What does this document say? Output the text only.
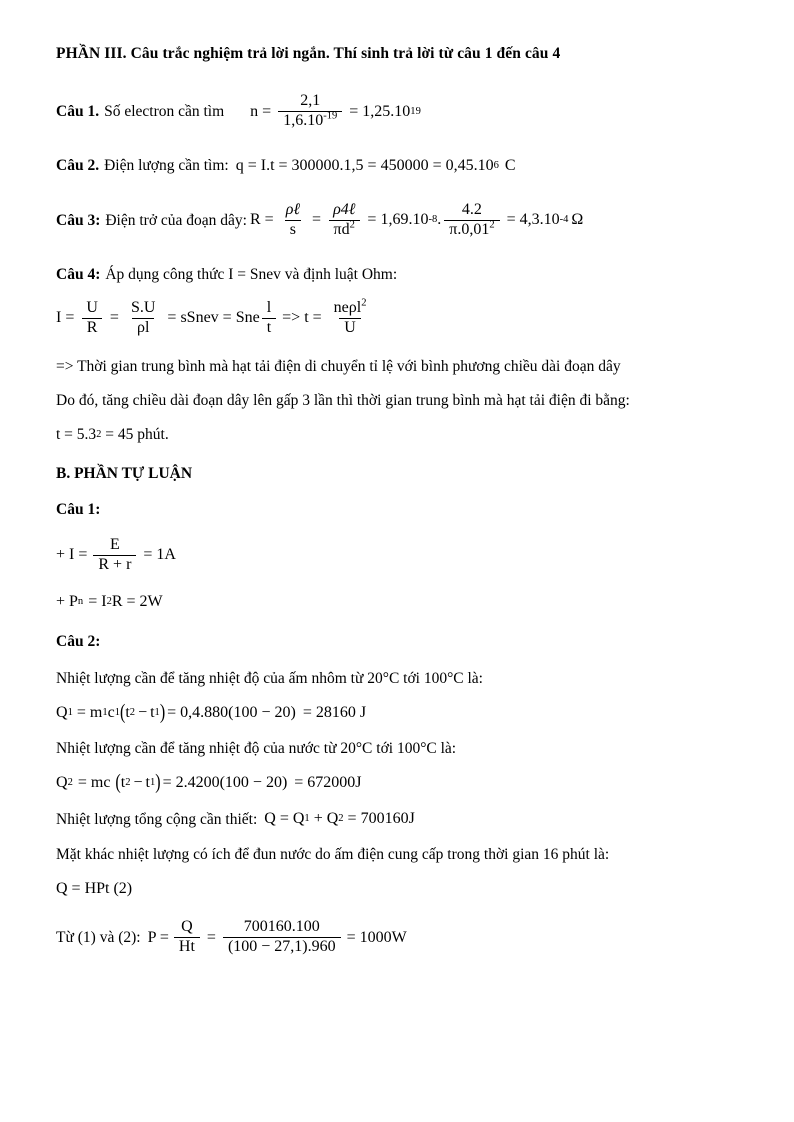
PHẦN III. Câu trắc nghiệm trả lời ngắn. Thí sinh trả lời từ câu 1 đến câu 4
Câu 1. Số electron cần tìm $n = \frac{2,1}{1,6.10^{-19}} = 1,25.10$ 19
Câu 2. Điện lượng cần tìm: q = I.t = 300000.1,5 = 450000 = 0,45.10 6 C
Câu 3: Điện trở của đoạn dây: $R = \frac{\text{ρℓ}}{s} = \frac{\text{ρ4ℓ}}{\pi d^2} = 1,69.10$ -8 . $\frac{4.2}{\pi.0,01^2} = 4,3.10$ -4 Ω
Câu 4: Áp dụng công thức I = Snev và định luật Ohm:
$I = \frac{U}{R} = \frac{S.U}{\rho l}$ = sSnev = Sne $\frac{l}{t} => t = \frac{ne\rho l^2}{U}$
=> Thời gian trung bình mà hạt tải điện di chuyển tỉ lệ với bình phương chiều dài đoạn dây
Do đó, tăng chiều dài đoạn dây lên gấp 3 lần thì thời gian trung bình mà hạt tải điện đi bằng:
t = 5.3 2 = 45 phút.
B. PHẦN TỰ LUẬN
Câu 1:
+ $I = \frac{E}{R + r} = 1A$
+ P n = I 2 R = 2W
Câu 2:
Nhiệt lượng cần để tăng nhiệt độ của ấm nhôm từ 20°C tới 100°C là:
Q 1 = m 1 c 1 ( t 2 − t 1 ) = 0,4.880(100 − 20) = 28160 J
Nhiệt lượng cần để tăng nhiệt độ của nước từ 20°C tới 100°C là:
Q 2 = mc ( t 2 − t 1 ) = 2.4200(100 − 20) = 672000J
Nhiệt lượng tổng cộng cần thiết: Q = Q 1 + Q 2 = 700160J
Mặt khác nhiệt lượng có ích để đun nước do ấm điện cung cấp trong thời gian 16 phút là:
Q = HPt (2)
Từ (1) và (2): $P = \frac{Q}{Ht} = \frac{700160.100}{(100 - 27,1).960} = 1000W$
